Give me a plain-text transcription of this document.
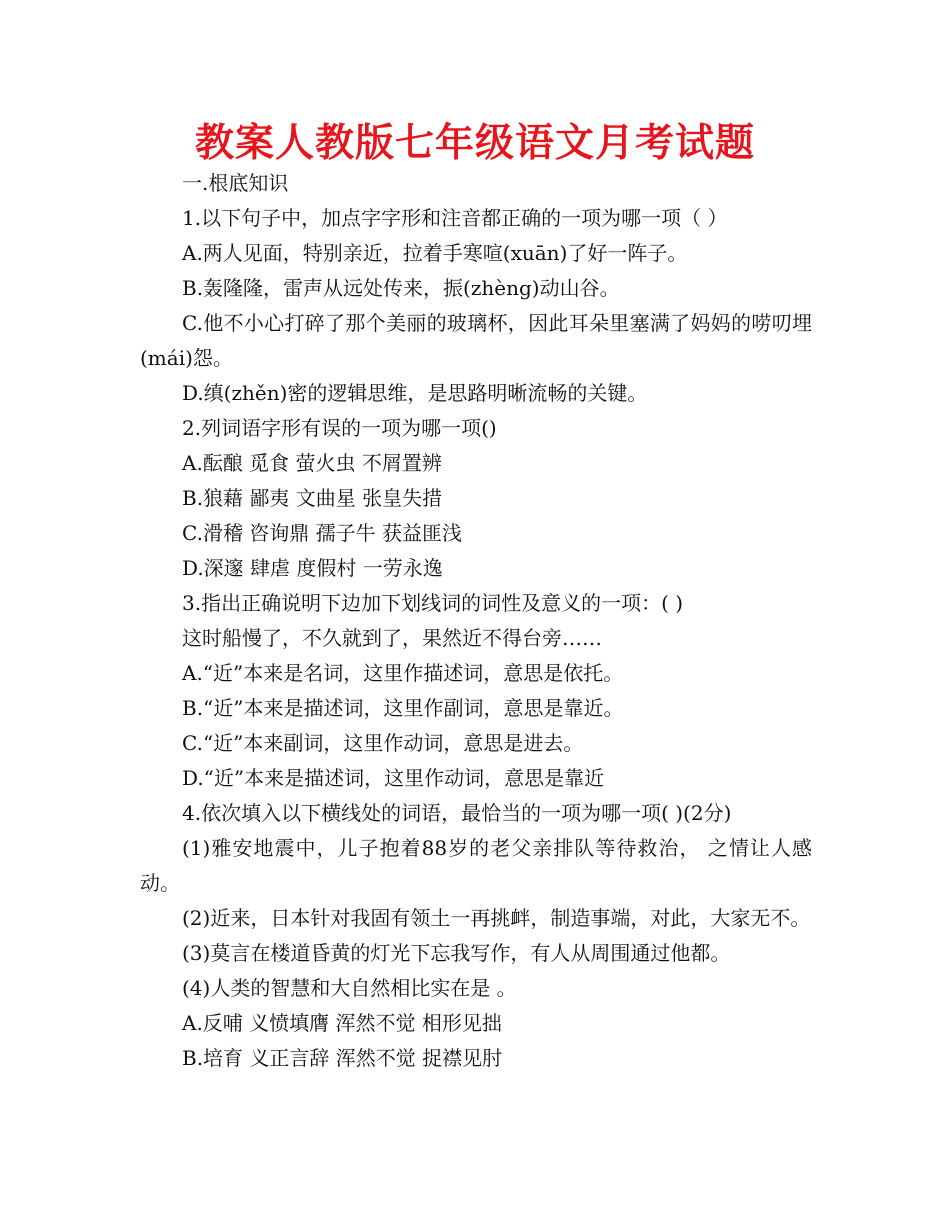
教案人教版七年级语文月考试题

一.根底知识

1.以下句子中，加点字字形和注音都正确的一项为哪一项（ ）

A.两人见面，特别亲近，拉着手寒喧(xuān)了好一阵子。

B.轰隆隆，雷声从远处传来，振(zhèng)动山谷。

C.他不小心打碎了那个美丽的玻璃杯，因此耳朵里塞满了妈妈的唠叨埋(mái)怨。

D.缜(zhěn)密的逻辑思维，是思路明晰流畅的关键。

2.列词语字形有误的一项为哪一项()

A.酝酿 觅食 萤火虫 不屑置辨

B.狼藉 鄙夷 文曲星 张皇失措

C.滑稽 咨询鼎 孺子牛 获益匪浅

D.深邃 肆虐 度假村 一劳永逸

3.指出正确说明下边加下划线词的词性及意义的一项：( )

这时船慢了，不久就到了，果然近不得台旁……

A.“近”本来是名词，这里作描述词，意思是依托。

B.“近”本来是描述词，这里作副词，意思是靠近。

C.“近”本来副词，这里作动词，意思是进去。

D.“近”本来是描述词，这里作动词，意思是靠近

4.依次填入以下横线处的词语，最恰当的一项为哪一项( )(2分)

(1)雅安地震中，儿子抱着88岁的老父亲排队等待救治， 之情让人感动。

(2)近来，日本针对我固有领土一再挑衅，制造事端，对此，大家无不。

(3)莫言在楼道昏黄的灯光下忘我写作，有人从周围通过他都。

(4)人类的智慧和大自然相比实在是 。

A.反哺 义愤填膺 浑然不觉 相形见拙

B.培育 义正言辞 浑然不觉 捉襟见肘
